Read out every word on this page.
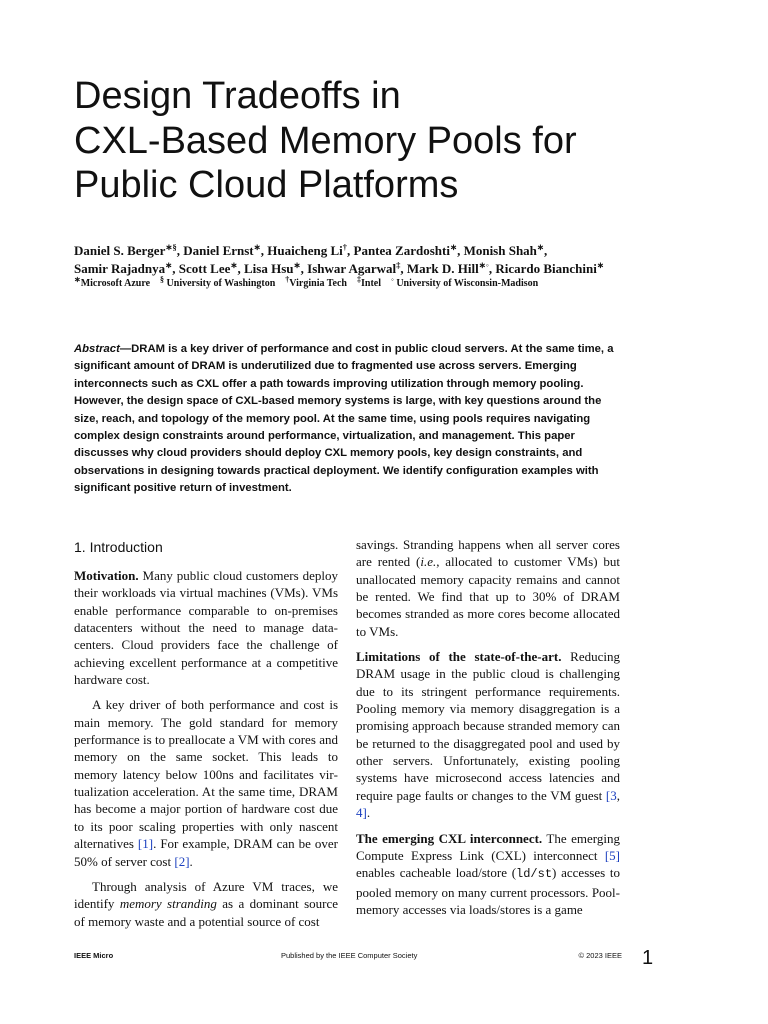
Design Tradeoffs in
CXL-Based Memory Pools for
Public Cloud Platforms
Daniel S. Berger∗§, Daniel Ernst∗, Huaicheng Li†, Pantea Zardoshti∗, Monish Shah∗,
Samir Rajadnya∗, Scott Lee∗, Lisa Hsu∗, Ishwar Agarwal‡, Mark D. Hill∗◦, Ricardo Bianchini∗
∗Microsoft Azure § University of Washington †Virginia Tech ‡Intel ◦ University of Wisconsin-Madison

Abstract—DRAM is a key driver of performance and cost in public cloud servers. At the same time, a significant amount of DRAM is underutilized due to fragmented use across servers. Emerging interconnects such as CXL offer a path towards improving utilization through memory pooling. However, the design space of CXL-based memory systems is large, with key questions around the size, reach, and topology of the memory pool. At the same time, using pools requires navigating complex design constraints around performance, virtualization, and management. This paper discusses why cloud providers should deploy CXL memory pools, key design constraints, and observations in designing towards practical deployment. We identify configuration examples with significant positive return of investment.

1. Introduction

Motivation. Many public cloud customers deploy their workloads via virtual machines (VMs). VMs enable performance comparable to on-premises datacenters without the need to manage datacenters. Cloud providers face the challenge of achieving excellent performance at a competitive hardware cost.

A key driver of both performance and cost is main memory. The gold standard for memory performance is to preallocate a VM with cores and memory on the same socket. This leads to memory latency below 100ns and facilitates virtualization acceleration. At the same time, DRAM has become a major portion of hardware cost due to its poor scaling properties with only nascent alternatives [1]. For example, DRAM can be over 50% of server cost [2].

Through analysis of Azure VM traces, we identify memory stranding as a dominant source of memory waste and a potential source of cost

savings. Stranding happens when all server cores are rented (i.e., allocated to customer VMs) but unallocated memory capacity remains and cannot be rented. We find that up to 30% of DRAM becomes stranded as more cores become allocated to VMs.

Limitations of the state-of-the-art. Reducing DRAM usage in the public cloud is challenging due to its stringent performance requirements. Pooling memory via memory disaggregation is a promising approach because stranded memory can be returned to the disaggregated pool and used by other servers. Unfortunately, existing pooling systems have microsecond access latencies and require page faults or changes to the VM guest [3, 4].

The emerging CXL interconnect. The emerging Compute Express Link (CXL) interconnect [5] enables cacheable load/store (ld/st) accesses to pooled memory on many current processors. Pool-memory accesses via loads/stores is a game

IEEE Micro	Published by the IEEE Computer Society	© 2023 IEEE 1
